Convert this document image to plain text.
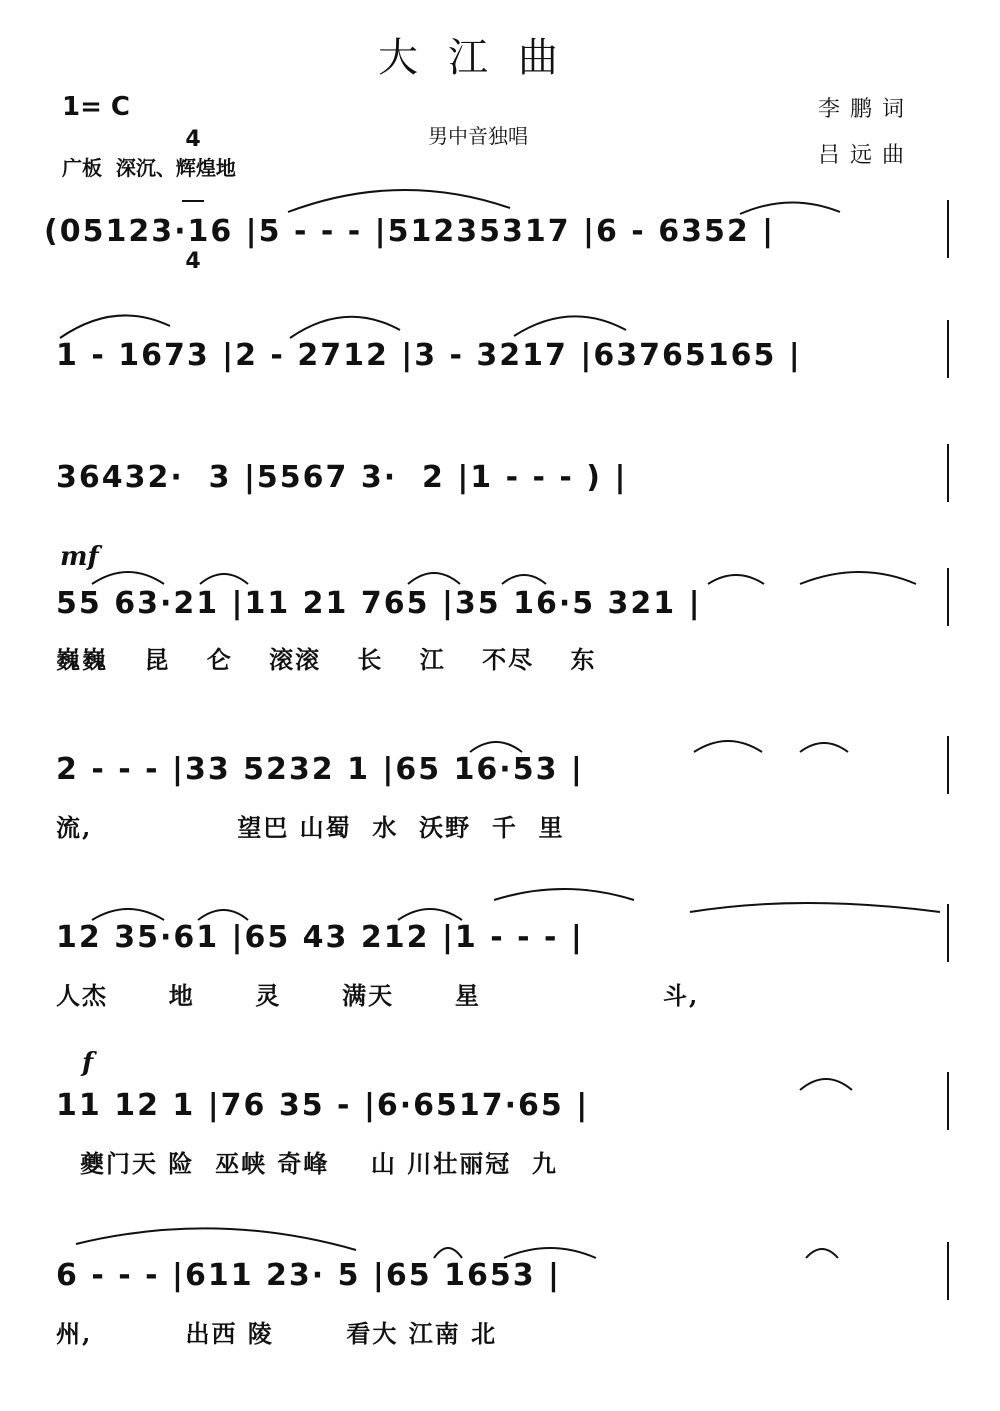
大江曲
1= C

4

4

广板  深沉、辉煌地
男中音独唱
李鹏词
吕远曲
(05123·16 |5 - - - |51235317 |6 - 6352 |
1 - 1673 |2 - 2712 |3 - 3217 |63765165 |
36432·  3 |5567 3·  2 |1 - - - ) |
mf
55 63·21 |11 21 765 |35 16·5 321 |
巍巍 昆 仑 滚滚 长 江 不尽 东
2 - - - |33 5232 1 |65 16·53 |
流,              望巴 山蜀  水  沃野  千  里
12 35·61 |65 43 212 |1 - - - |
人杰  地  灵  满天  星      斗,
f
11 12 1 |76 35 - |6·6517·65 |
夔门天 险  巫峡 奇峰    山 川壮丽冠  九
6 - - - |611 23· 5 |65 1653 |
州,         出西 陵       看大 江南 北
